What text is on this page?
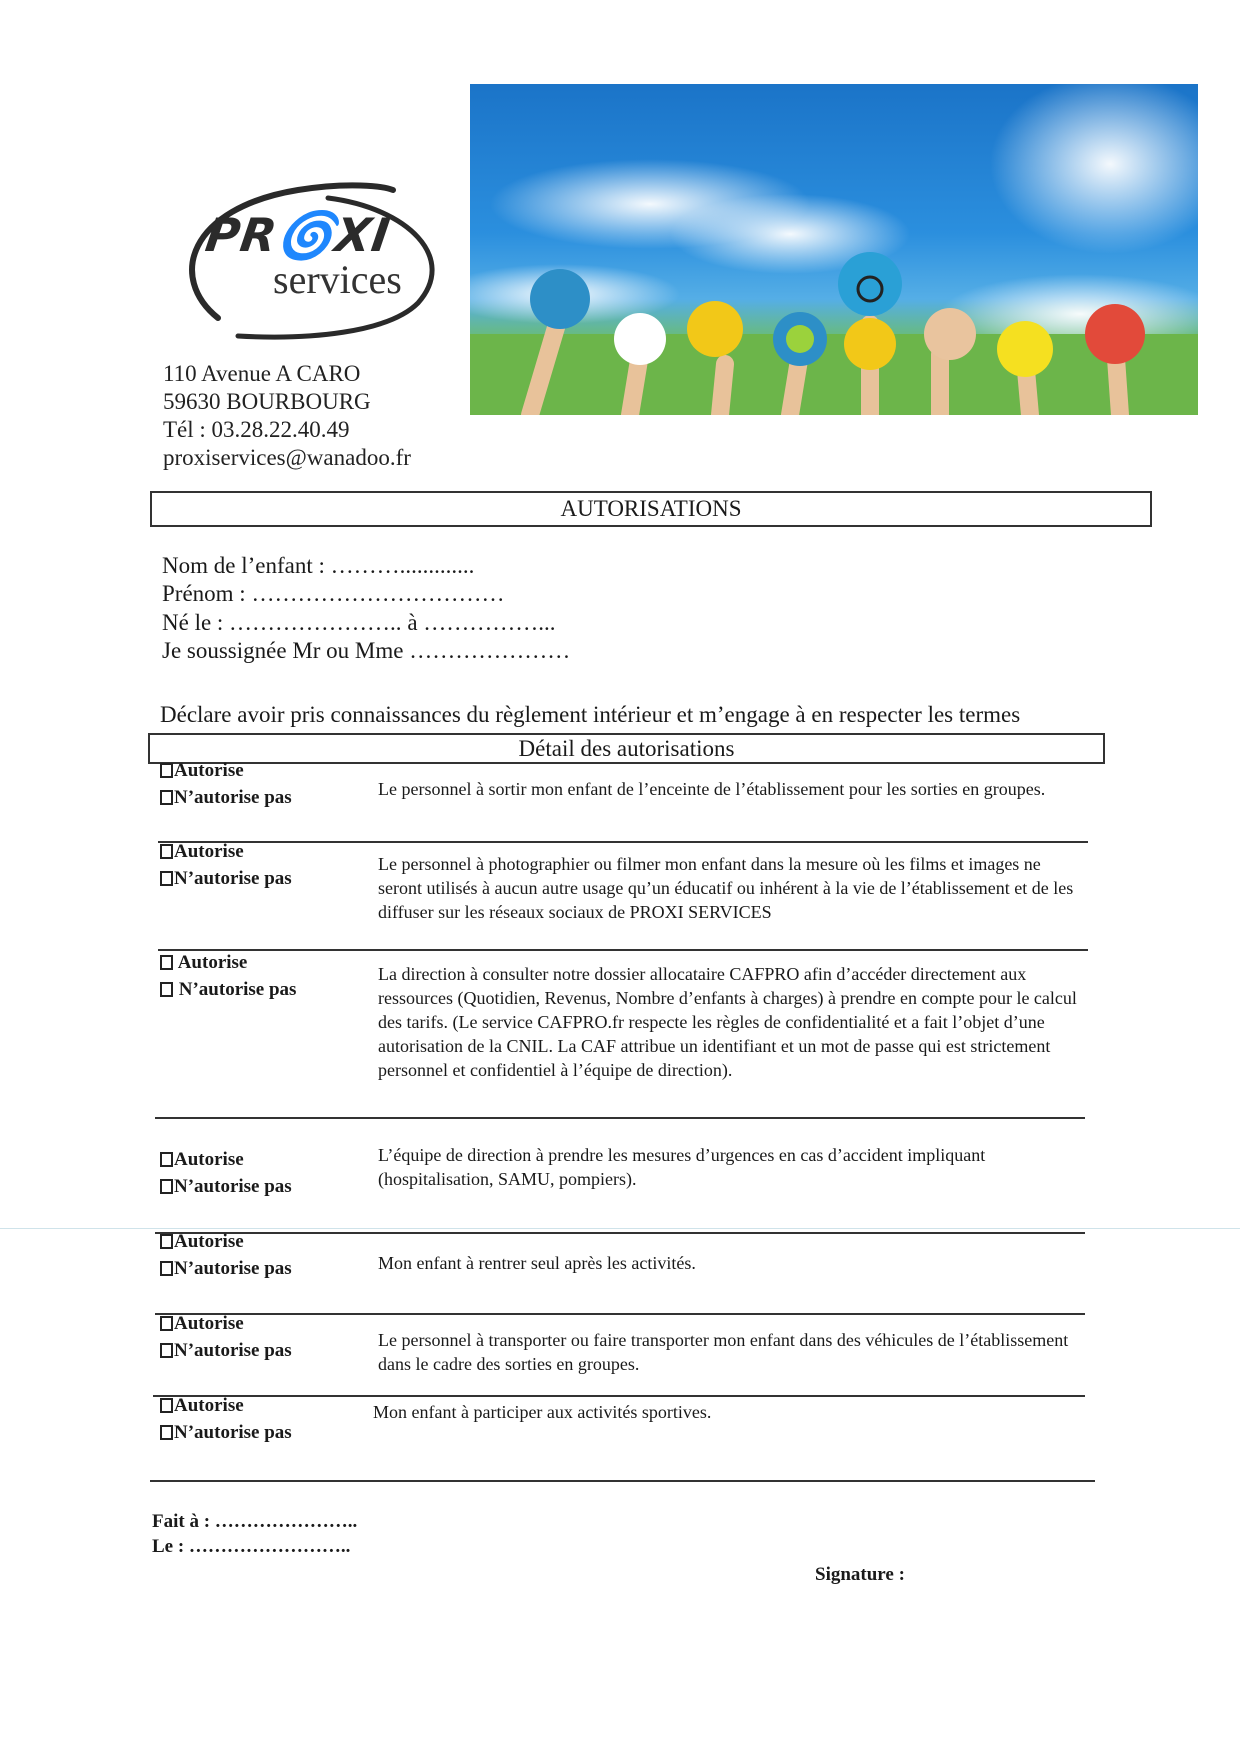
PR🌀XI
services
110 Avenue A CARO
59630 BOURBOURG
Tél : 03.28.22.40.49
proxiservices@wanadoo.fr
AUTORISATIONS
Nom de l’enfant : ……….............
Prénom : ……………………………
Né le : ………………….. à ……………...
Je soussignée Mr ou Mme …………………
Déclare avoir pris connaissances du règlement intérieur et m’engage à en respecter les termes
Détail des autorisations
Autorise
N’autorise pas	Le personnel à sortir mon enfant de l’enceinte de l’établissement pour les sorties en groupes.
Autorise
N’autorise pas
Le personnel à photographier ou filmer mon enfant dans la mesure où les films et images ne seront utilisés à aucun autre usage qu’un éducatif ou inhérent à la vie de l’établissement et de les diffuser sur les réseaux sociaux de PROXI SERVICES
Autorise
N’autorise pas
La direction à consulter notre dossier allocataire CAFPRO afin d’accéder directement aux ressources (Quotidien, Revenus, Nombre d’enfants à charges) à prendre en compte pour le calcul des tarifs. (Le service CAFPRO.fr respecte les règles de confidentialité et a fait l’objet d’une autorisation de la CNIL. La CAF attribue un identifiant et un mot de passe qui est strictement personnel et confidentiel à l’équipe de direction).
Autorise
N’autorise pas
L’équipe de direction à prendre les mesures d’urgences en cas d’accident impliquant (hospitalisation, SAMU, pompiers).
Autorise
N’autorise pas	Mon enfant à rentrer seul après les activités.
Autorise
N’autorise pas	Le personnel à transporter ou faire transporter mon enfant dans des véhicules de l’établissement dans le cadre des sorties en groupes.
Autorise
N’autorise pas
Mon enfant à participer aux activités sportives.
Fait à : …………………..
Le : ……………………..
Signature :
